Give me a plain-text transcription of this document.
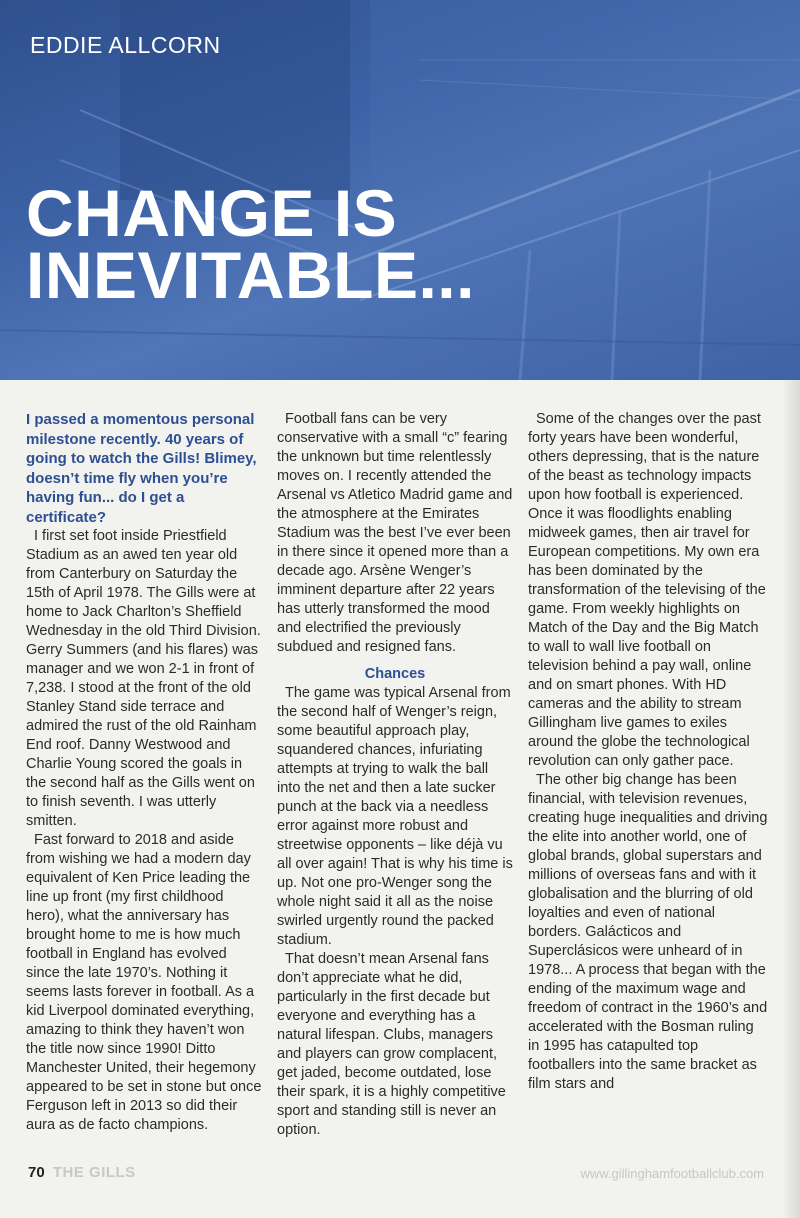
EDDIE ALLCORN
CHANGE IS
INEVITABLE...

I passed a momentous personal milestone recently. 40 years of going to watch the Gills! Blimey, doesn’t time fly when you’re having fun... do I get a certificate?

I first set foot inside Priestfield Stadium as an awed ten year old from Canterbury on Saturday the 15th of April 1978. The Gills were at home to Jack Charlton’s Sheffield Wednesday in the old Third Division. Gerry Summers (and his flares) was manager and we won 2-1 in front of 7,238. I stood at the front of the old Stanley Stand side terrace and admired the rust of the old Rainham End roof. Danny Westwood and Charlie Young scored the goals in the second half as the Gills went on to finish seventh. I was utterly smitten.

Fast forward to 2018 and aside from wishing we had a modern day equivalent of Ken Price leading the line up front (my first childhood hero), what the anniversary has brought home to me is how much football in England has evolved since the late 1970’s. Nothing it seems lasts forever in football. As a kid Liverpool dominated everything, amazing to think they haven’t won the title now since 1990! Ditto Manchester United, their hegemony appeared to be set in stone but once Ferguson left in 2013 so did their aura as de facto champions.

Football fans can be very conservative with a small “c” fearing the unknown but time relentlessly moves on. I recently attended the Arsenal vs Atletico Madrid game and the atmosphere at the Emirates Stadium was the best I’ve ever been in there since it opened more than a decade ago. Arsène Wenger’s imminent departure after 22 years has utterly transformed the mood and electrified the previously subdued and resigned fans.

Chances

The game was typical Arsenal from the second half of Wenger’s reign, some beautiful approach play, squandered chances, infuriating attempts at trying to walk the ball into the net and then a late sucker punch at the back via a needless error against more robust and streetwise opponents – like déjà vu all over again! That is why his time is up. Not one pro-Wenger song the whole night said it all as the noise swirled urgently round the packed stadium.

That doesn’t mean Arsenal fans don’t appreciate what he did, particularly in the first decade but everyone and everything has a natural lifespan. Clubs, managers and players can grow complacent, get jaded, become outdated, lose their spark, it is a highly competitive sport and standing still is never an option.

Some of the changes over the past forty years have been wonderful, others depressing, that is the nature of the beast as technology impacts upon how football is experienced. Once it was floodlights enabling midweek games, then air travel for European competitions. My own era has been dominated by the transformation of the televising of the game. From weekly highlights on Match of the Day and the Big Match to wall to wall live football on television behind a pay wall, online and on smart phones. With HD cameras and the ability to stream Gillingham live games to exiles around the globe the technological revolution can only gather pace.

The other big change has been financial, with television revenues, creating huge inequalities and driving the elite into another world, one of global brands, global superstars and millions of overseas fans and with it globalisation and the blurring of old loyalties and even of national borders. Galácticos and Superclásicos were unheard of in 1978... A process that began with the ending of the maximum wage and freedom of contract in the 1960’s and accelerated with the Bosman ruling in 1995 has catapulted top footballers into the same bracket as film stars and

70 THE GILLS	www.gillinghamfootballclub.com
